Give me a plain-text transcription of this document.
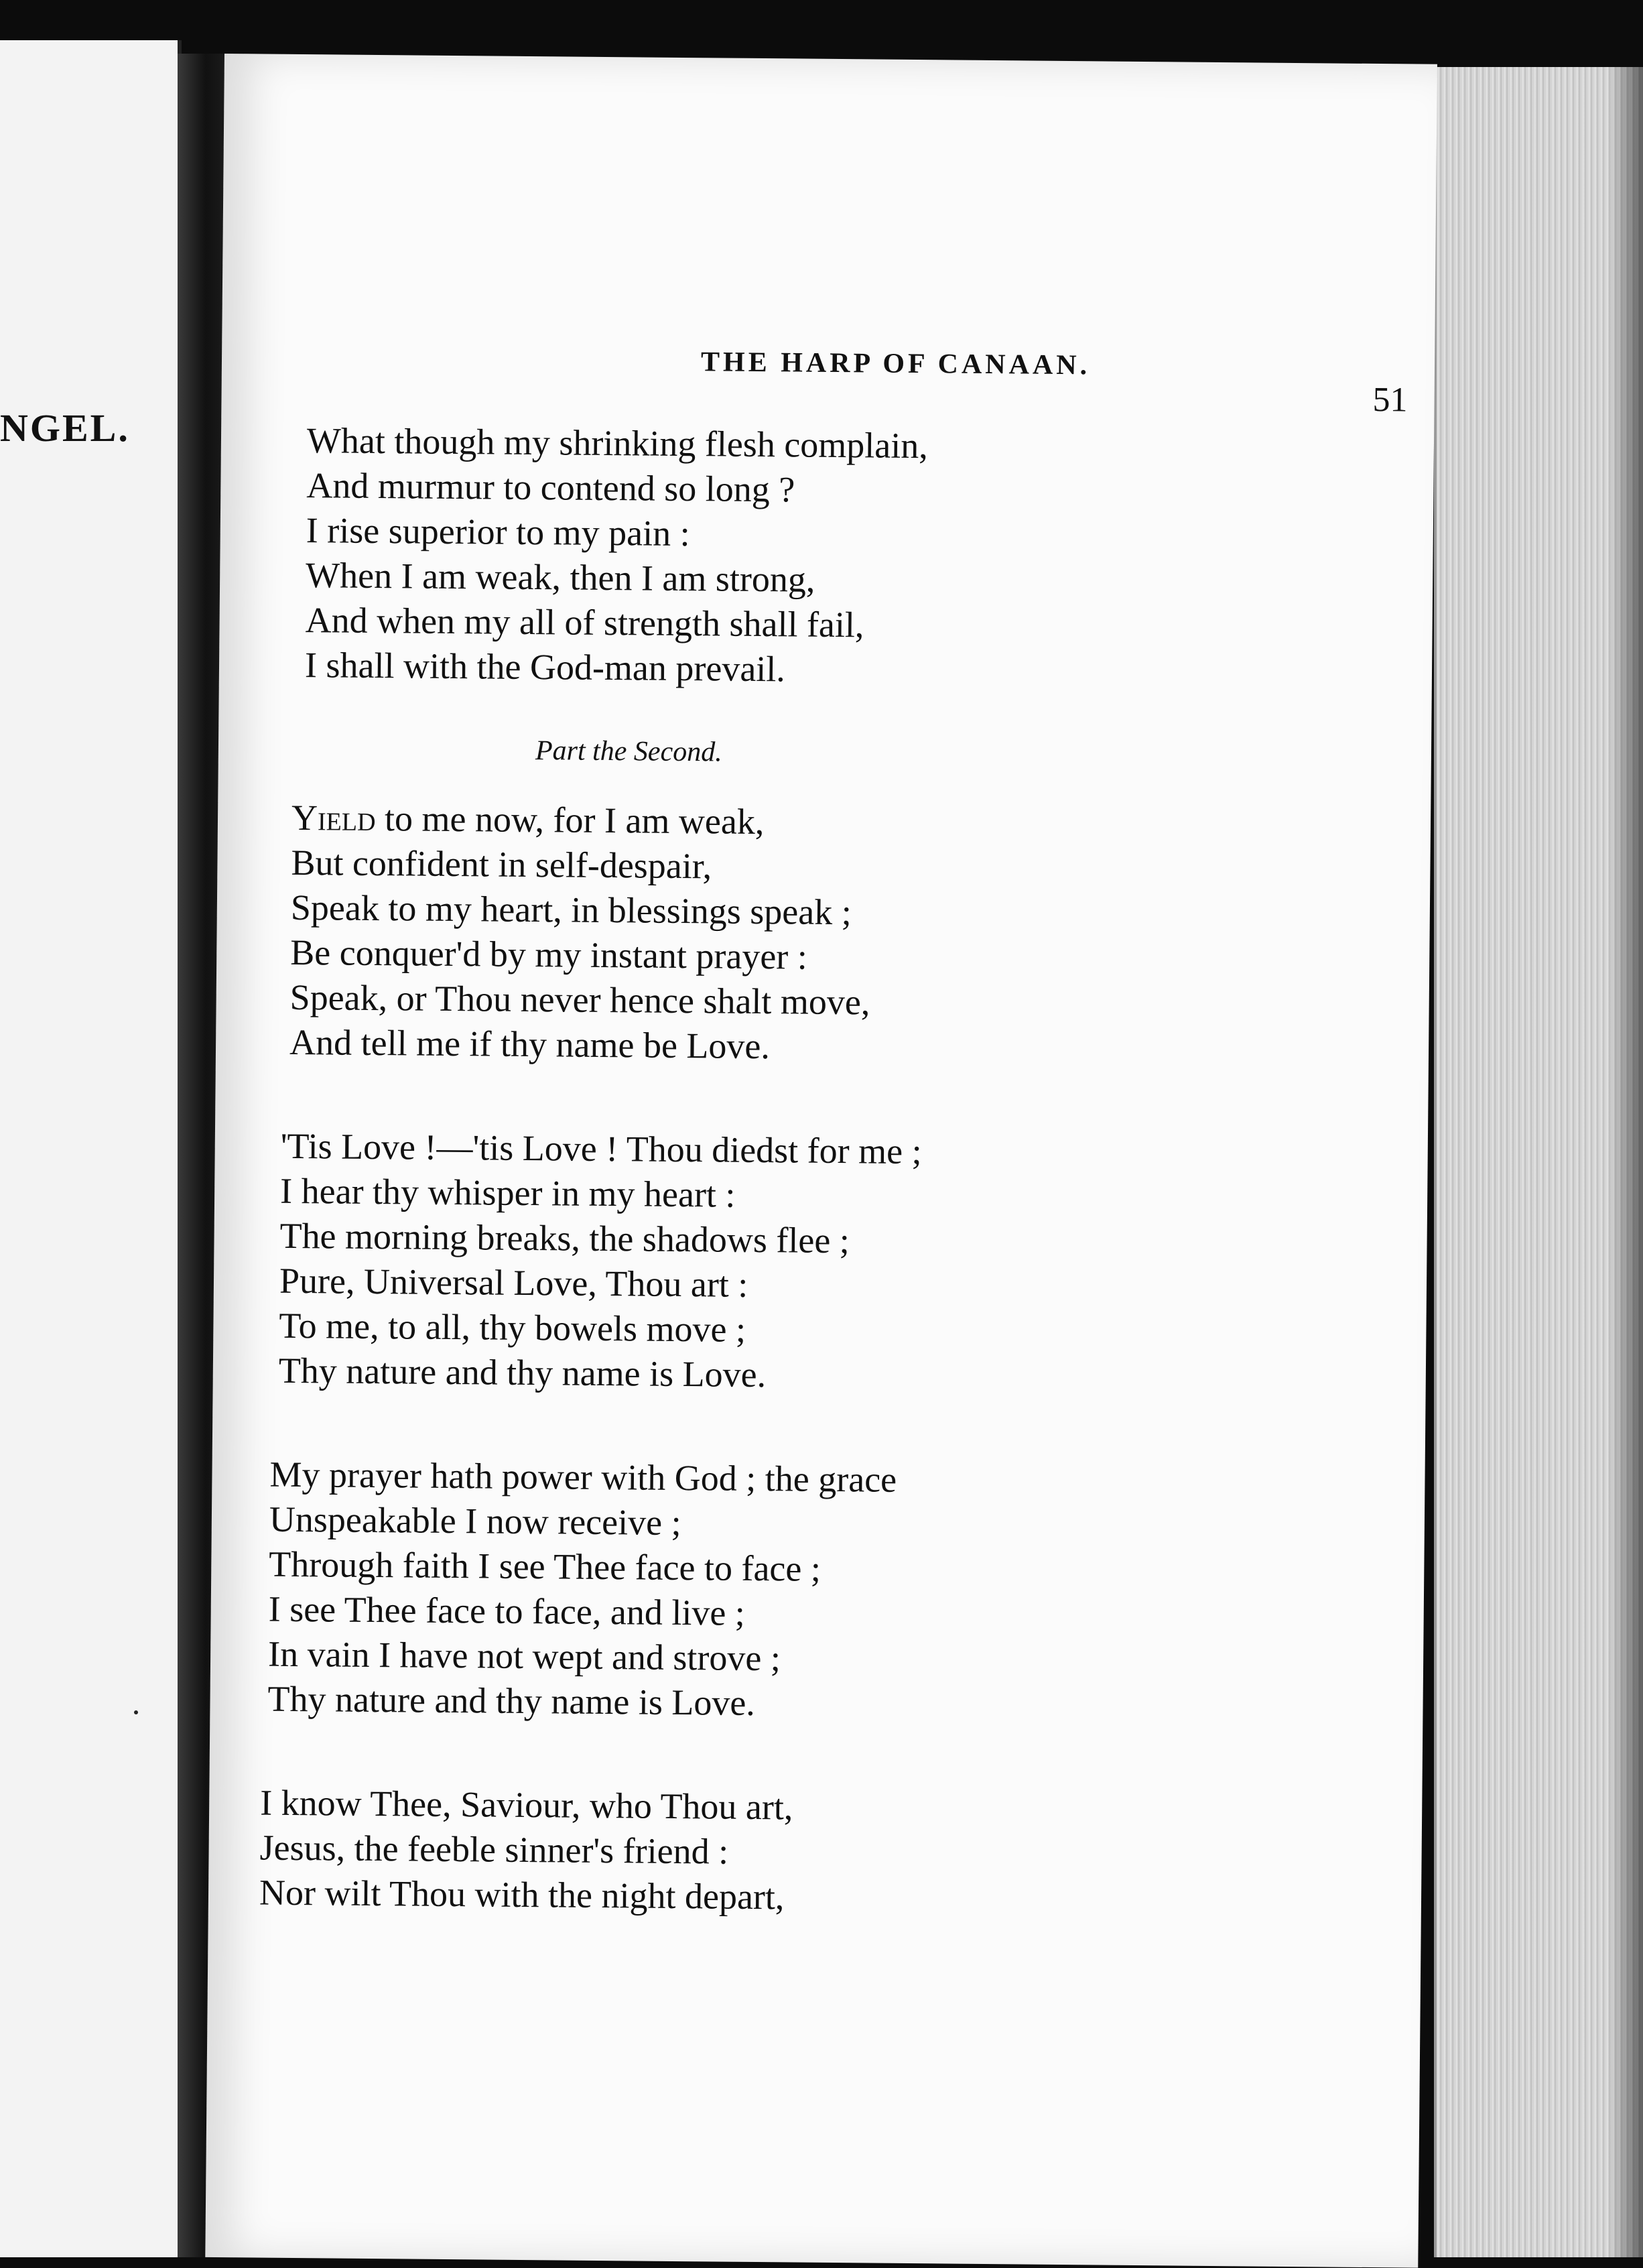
NGEL.
THE HARP OF CANAAN.
51
What though my shrinking flesh complain,
And murmur to contend so long ?
I rise superior to my pain :
When I am weak, then I am strong,
And when my all of strength shall fail,
I shall with the God-man prevail.
Part the Second.
Yield to me now, for I am weak,
But confident in self-despair,
Speak to my heart, in blessings speak ;
Be conquer'd by my instant prayer :
Speak, or Thou never hence shalt move,
And tell me if thy name be Love.
'Tis Love !—'tis Love ! Thou diedst for me ;
I hear thy whisper in my heart :
The morning breaks, the shadows flee ;
Pure, Universal Love, Thou art :
To me, to all, thy bowels move ;
Thy nature and thy name is Love.
My prayer hath power with God ; the grace
Unspeakable I now receive ;
Through faith I see Thee face to face ;
I see Thee face to face, and live ;
In vain I have not wept and strove ;
Thy nature and thy name is Love.
I know Thee, Saviour, who Thou art,
Jesus, the feeble sinner's friend :
Nor wilt Thou with the night depart,
